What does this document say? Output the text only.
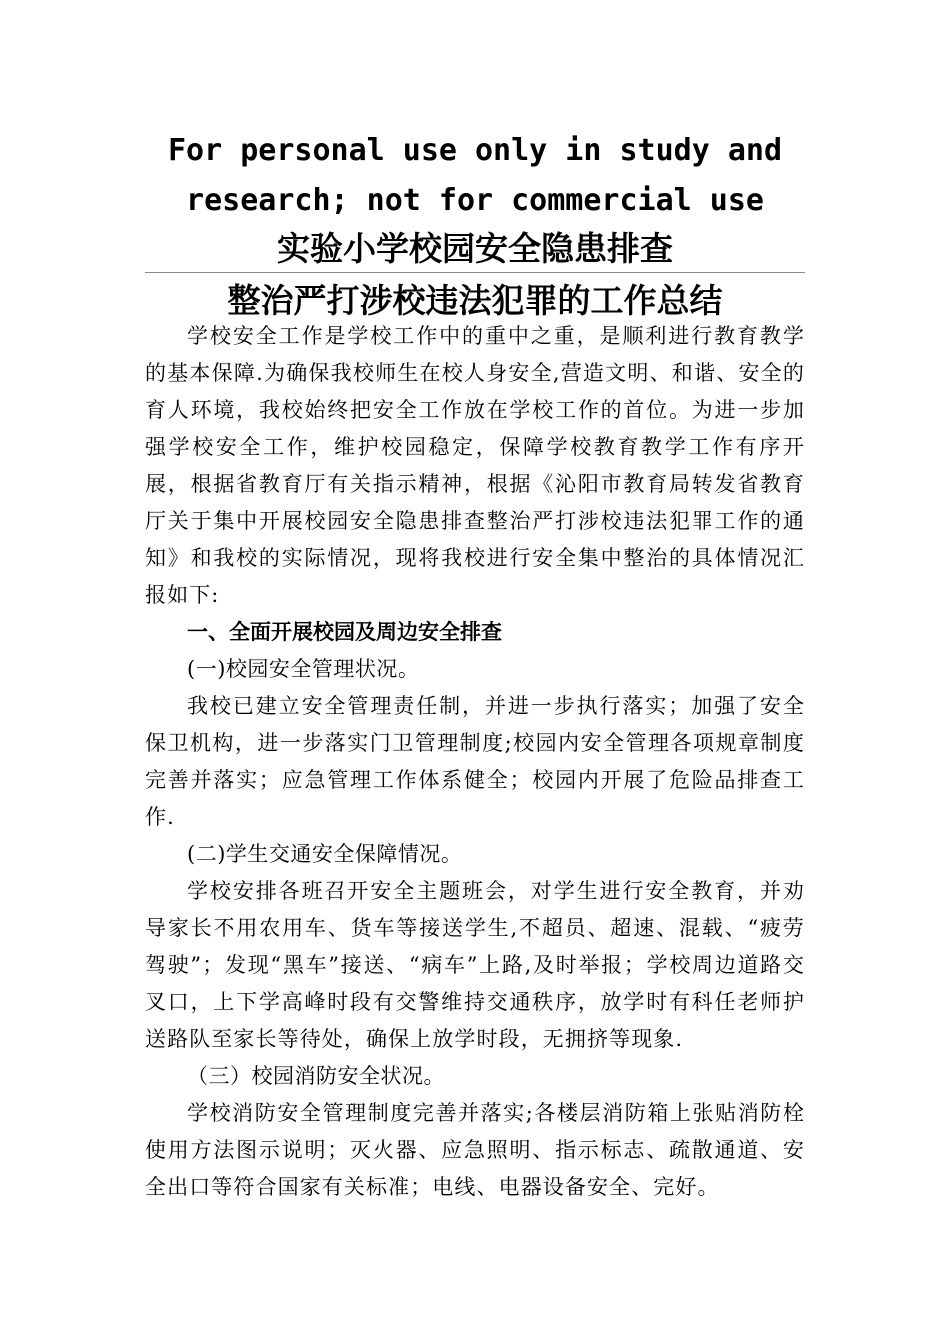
For personal use only in study and
research; not for commercial use
实验小学校园安全隐患排查
整治严打涉校违法犯罪的工作总结

学校安全工作是学校工作中的重中之重，是顺利进行教育教学的基本保障.为确保我校师生在校人身安全,营造文明、和谐、安全的育人环境，我校始终把安全工作放在学校工作的首位。为进一步加强学校安全工作，维护校园稳定，保障学校教育教学工作有序开展，根据省教育厅有关指示精神，根据《沁阳市教育局转发省教育厅关于集中开展校园安全隐患排查整治严打涉校违法犯罪工作的通知》和我校的实际情况，现将我校进行安全集中整治的具体情况汇报如下:

一、全面开展校园及周边安全排查

(一)校园安全管理状况。

我校已建立安全管理责任制，并进一步执行落实；加强了安全保卫机构，进一步落实门卫管理制度;校园内安全管理各项规章制度完善并落实；应急管理工作体系健全；校园内开展了危险品排查工作.

(二)学生交通安全保障情况。

学校安排各班召开安全主题班会，对学生进行安全教育，并劝导家长不用农用车、货车等接送学生,不超员、超速、混载、“疲劳驾驶”；发现“黑车”接送、“病车”上路,及时举报；学校周边道路交叉口，上下学高峰时段有交警维持交通秩序，放学时有科任老师护送路队至家长等待处，确保上放学时段，无拥挤等现象.

（三）校园消防安全状况。

学校消防安全管理制度完善并落实;各楼层消防箱上张贴消防栓使用方法图示说明；灭火器、应急照明、指示标志、疏散通道、安全出口等符合国家有关标准；电线、电器设备安全、完好。
